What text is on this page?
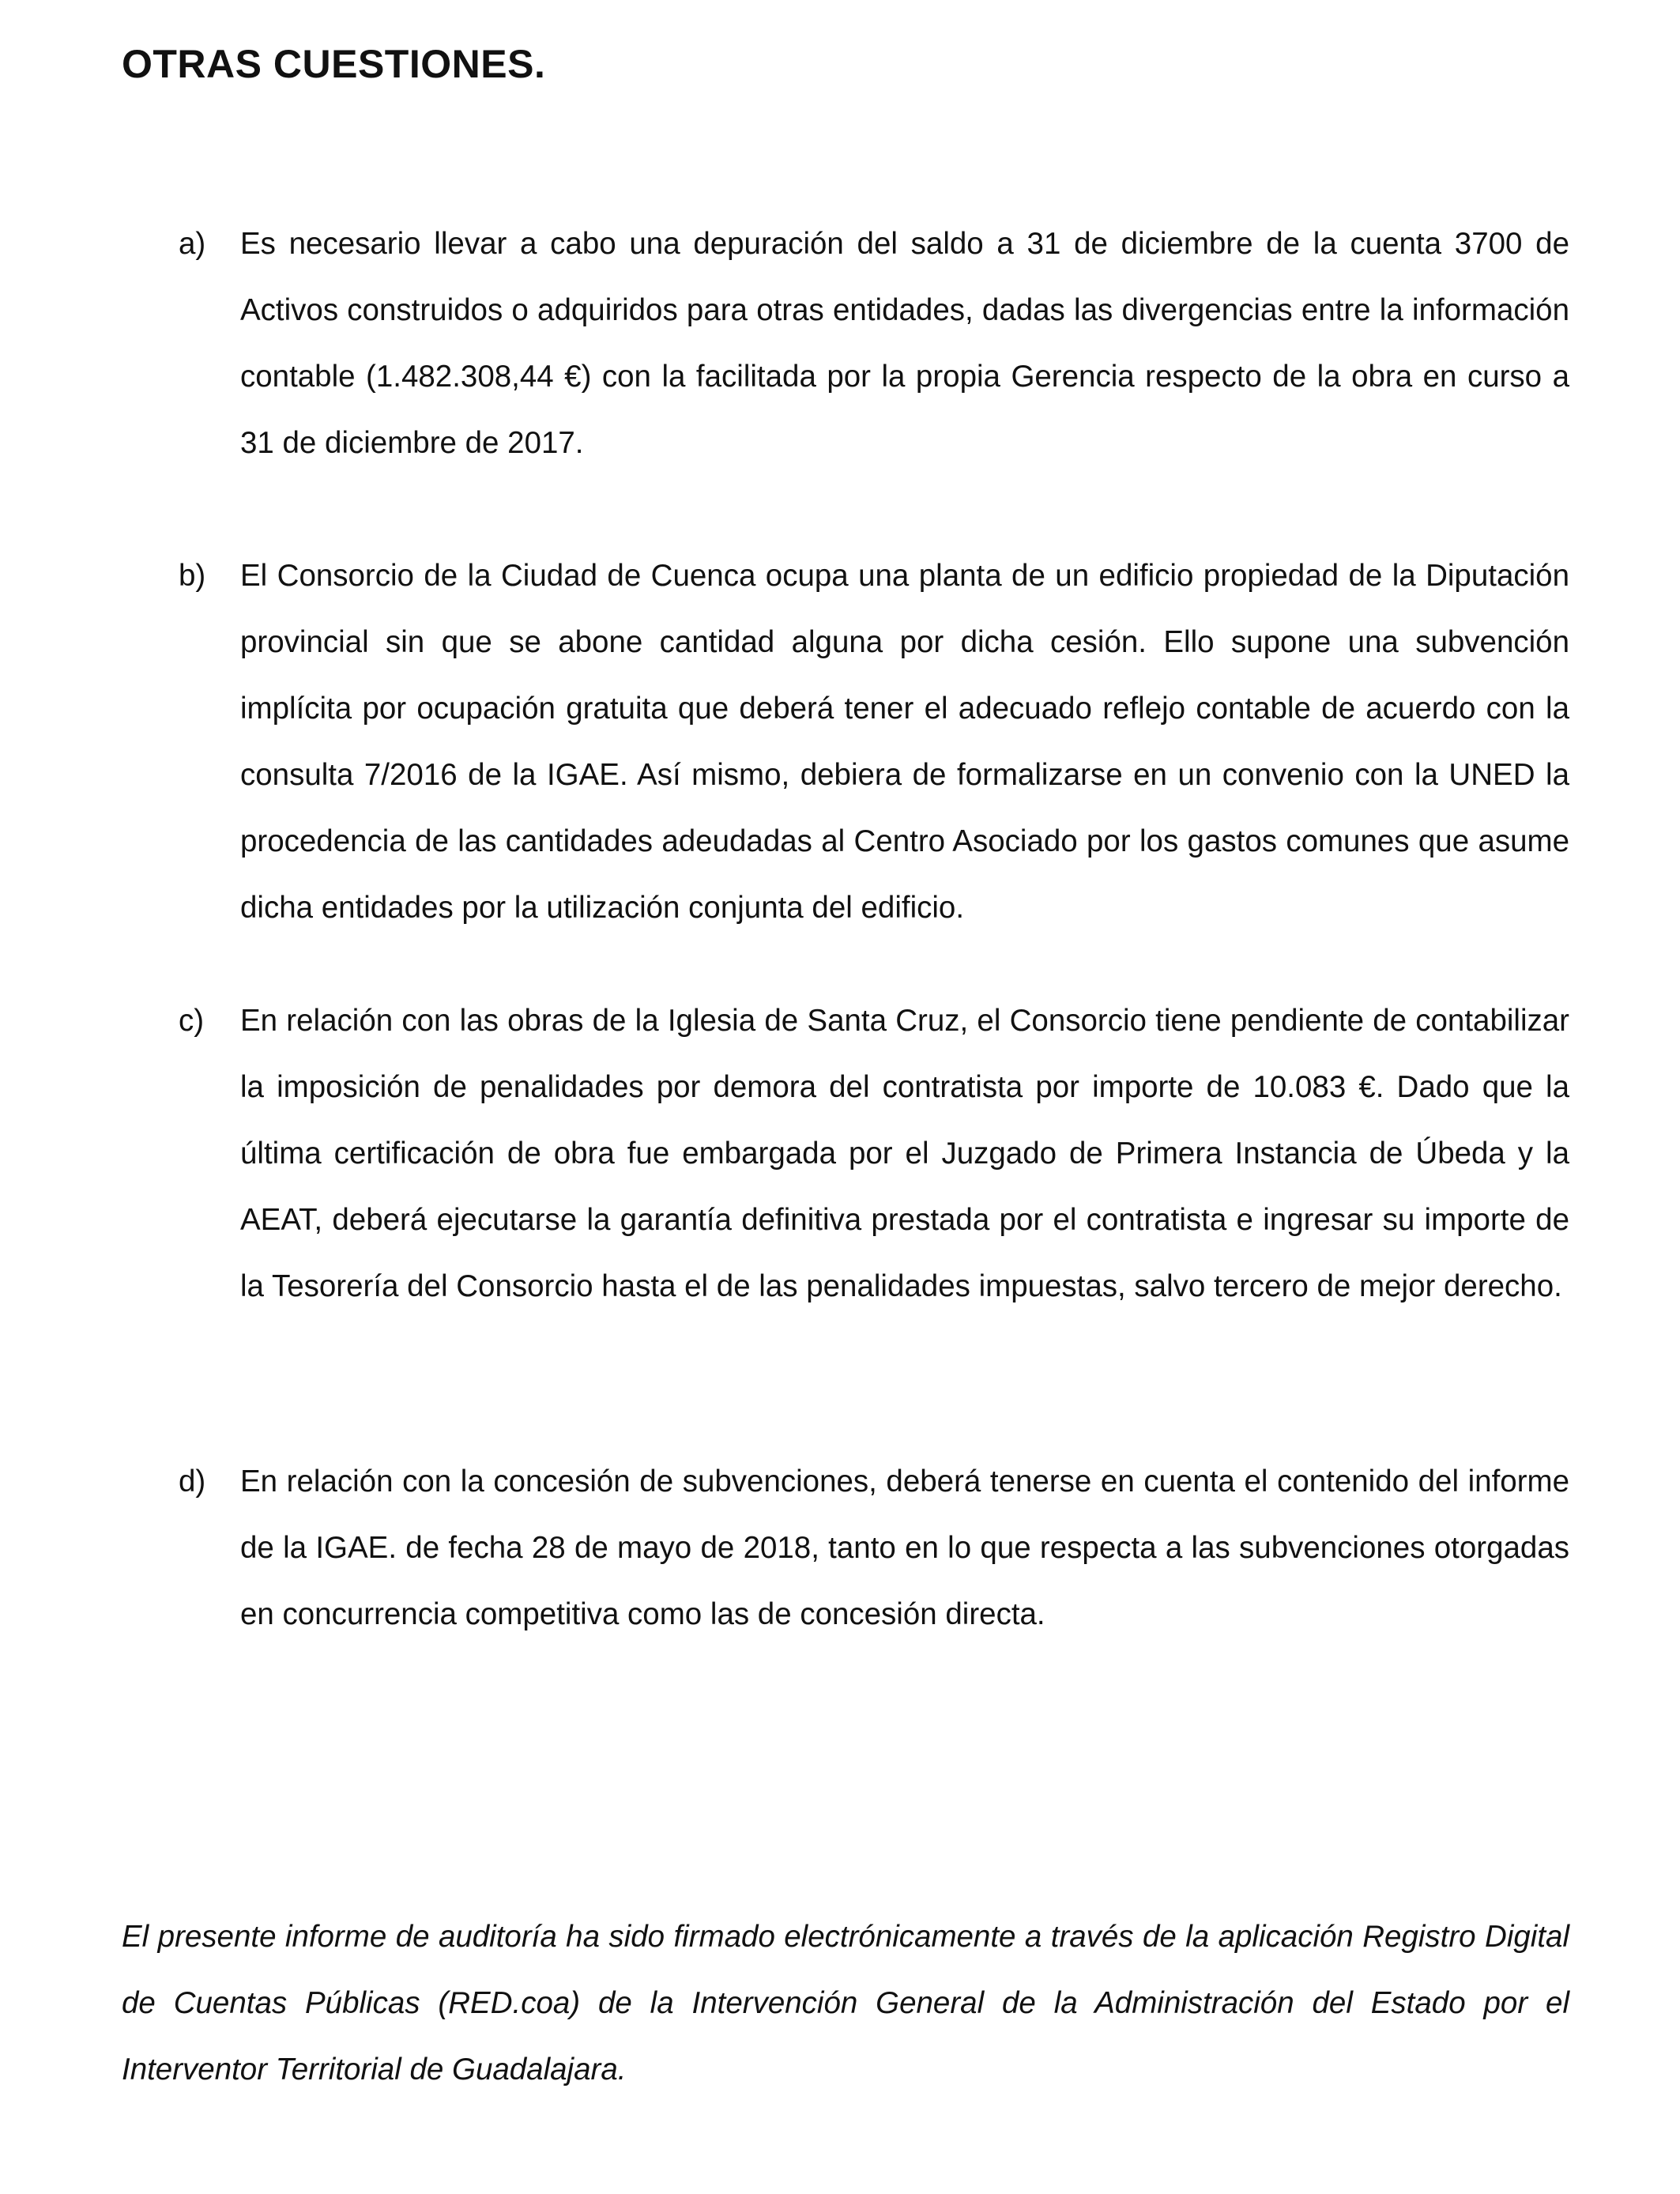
OTRAS CUESTIONES.
a)	Es necesario llevar a cabo una depuración del saldo a 31 de diciembre de la cuenta 3700 de Activos construidos o adquiridos para otras entidades, dadas las divergencias entre la información contable (1.482.308,44 €) con la facilitada por la propia Gerencia respecto de la obra en curso a 31 de diciembre de 2017.
b)	El Consorcio de la Ciudad de Cuenca ocupa una planta de un edificio propiedad de la Diputación provincial sin que se abone cantidad alguna por dicha cesión. Ello supone una subvención implícita por ocupación gratuita que deberá tener el adecuado reflejo contable de acuerdo con la consulta 7/2016 de la IGAE. Así mismo, debiera de formalizarse en un convenio con la UNED la procedencia de las cantidades adeudadas al Centro Asociado por los gastos comunes que asume dicha entidades por la utilización conjunta del edificio.
c)	En relación con las obras de la Iglesia de Santa Cruz, el Consorcio tiene pendiente de contabilizar la imposición de penalidades por demora del contratista por importe de 10.083 €. Dado que la última certificación de obra fue embargada por el Juzgado de Primera Instancia de Úbeda y la AEAT, deberá ejecutarse la garantía definitiva prestada por el contratista e ingresar su importe de la Tesorería del Consorcio hasta el de las penalidades impuestas, salvo tercero de mejor derecho.
d)	En relación con la concesión de subvenciones, deberá tenerse en cuenta el contenido del informe de la IGAE. de fecha 28 de mayo de 2018, tanto en lo que respecta a las subvenciones otorgadas en concurrencia competitiva como las de concesión directa.

El presente informe de auditoría ha sido firmado electrónicamente a través de la aplicación Registro Digital de Cuentas Públicas (RED.coa) de la Intervención General de la Administración del Estado por el Interventor Territorial de Guadalajara.
